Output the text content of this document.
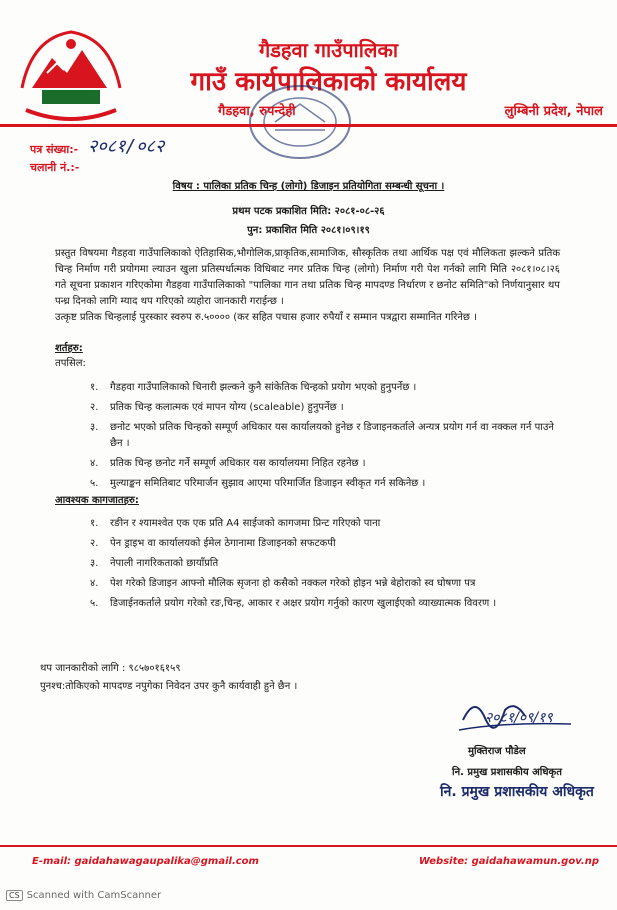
गैडहवा गाउँपालिका
गाउँ कार्यपालिकाको कार्यालय
गैडहवा, रुपन्देही	लुम्बिनी प्रदेश, नेपाल
पत्र संख्या:- २०८१/०८२
चलानी नं.:-
विषय : पालिका प्रतिक चिन्ह (लोगो) डिजाइन प्रतियोगिता सम्बन्धी सूचना ।
प्रथम पटक प्रकाशित मिति: २०८१-०८-२६
पुन: प्रकाशित मिति २०८१।०९।१९
प्रस्तुत विषयमा गैडहवा गाउँपालिकाको ऐतिहासिक,भौगोलिक,प्राकृतिक,सामाजिक, सौस्कृतिक तथा आर्थिक पक्ष एवं मौलिकता झल्कने प्रतिक चिन्ह निर्माण गरी प्रयोगमा ल्याउन खुला प्रतिस्पर्धात्मक विधिबाट नगर प्रतिक चिन्ह (लोगो) निर्माण गरी पेश गर्नको लागि मिति २०८१।०८।२६ गते सूचना प्रकाशन गरिएकोमा गैडहवा गाउँपालिकाको "पालिका गान तथा प्रतिक चिन्ह मापदण्ड निर्धारण र छनोट समिति"को निर्णयानुसार थप पन्ध्र दिनको लागि म्याद थप गरिएको व्यहोरा जानकारी गराईन्छ ।
उत्कृष्ट प्रतिक चिन्हलाई पुरस्कार स्वरुप रु.५०००० (कर सहित पचास हजार रुपैयाँ र सम्मान पत्रद्वारा सम्मानित गरिनेछ ।
शर्तहरु:
तपसिल:
१. गैडहवा गाउँपालिकाको चिनारी झल्कने कुनै सांकेतिक चिन्हको प्रयोग भएको हुनुपर्नेछ ।
२. प्रतिक चिन्ह कलात्मक एवं मापन योग्य (scaleable) हुनुपर्नेछ ।
३. छनोट भएको प्रतिक चिन्हको सम्पूर्ण अधिकार यस कार्यालयको हुनेछ र डिजाइनकर्ताले अन्यत्र प्रयोग गर्न वा नक्कल गर्न पाउने छैन ।
४. प्रतिक चिन्ह छनोट गर्ने सम्पूर्ण अधिकार यस कार्यालयमा निहित रहनेछ ।
५. मुल्याङ्कन समितिबाट परिमार्जन सुझाव आएमा परिमार्जित डिजाइन स्वीकृत गर्न सकिनेछ ।
आवश्यक कागजातहरु:
१. रङीन र श्यामश्वेत एक एक प्रति A4 साईजको कागजमा प्रिन्ट गरिएको पाना
२. पेन ड्राइभ वा कार्यालयको ईमेल ठेगानामा डिजाइनको सफटकपी
३. नेपाली नागरिकताको छायाँप्रति
४. पेश गरेको डिजाइन आफ्नो मौलिक सृजना हो कसैको नक्कल गरेको होइन भन्ने बेहोराको स्व घोषणा पत्र
५. डिजाईनकर्ताले प्रयोग गरेको रङ,चिन्ह, आकार र अक्षर प्रयोग गर्नुको कारण खुलाईएको व्याख्यात्मक विवरण ।
थप जानकारीको लागि : ९८५७०१६१५९
पुनश्च:तोकिएको मापदण्ड नपुगेका निवेदन उपर कुनै कार्यवाही हुने छैन ।
२०८१/०९/१९
मुक्तिराज पौडेल
नि. प्रमुख प्रशासकीय अधिकृत
नि. प्रमुख प्रशासकीय अधिकृत
E-mail: gaidahawagaupalika@gmail.com	Website: gaidahawamun.gov.np
CS Scanned with CamScanner
